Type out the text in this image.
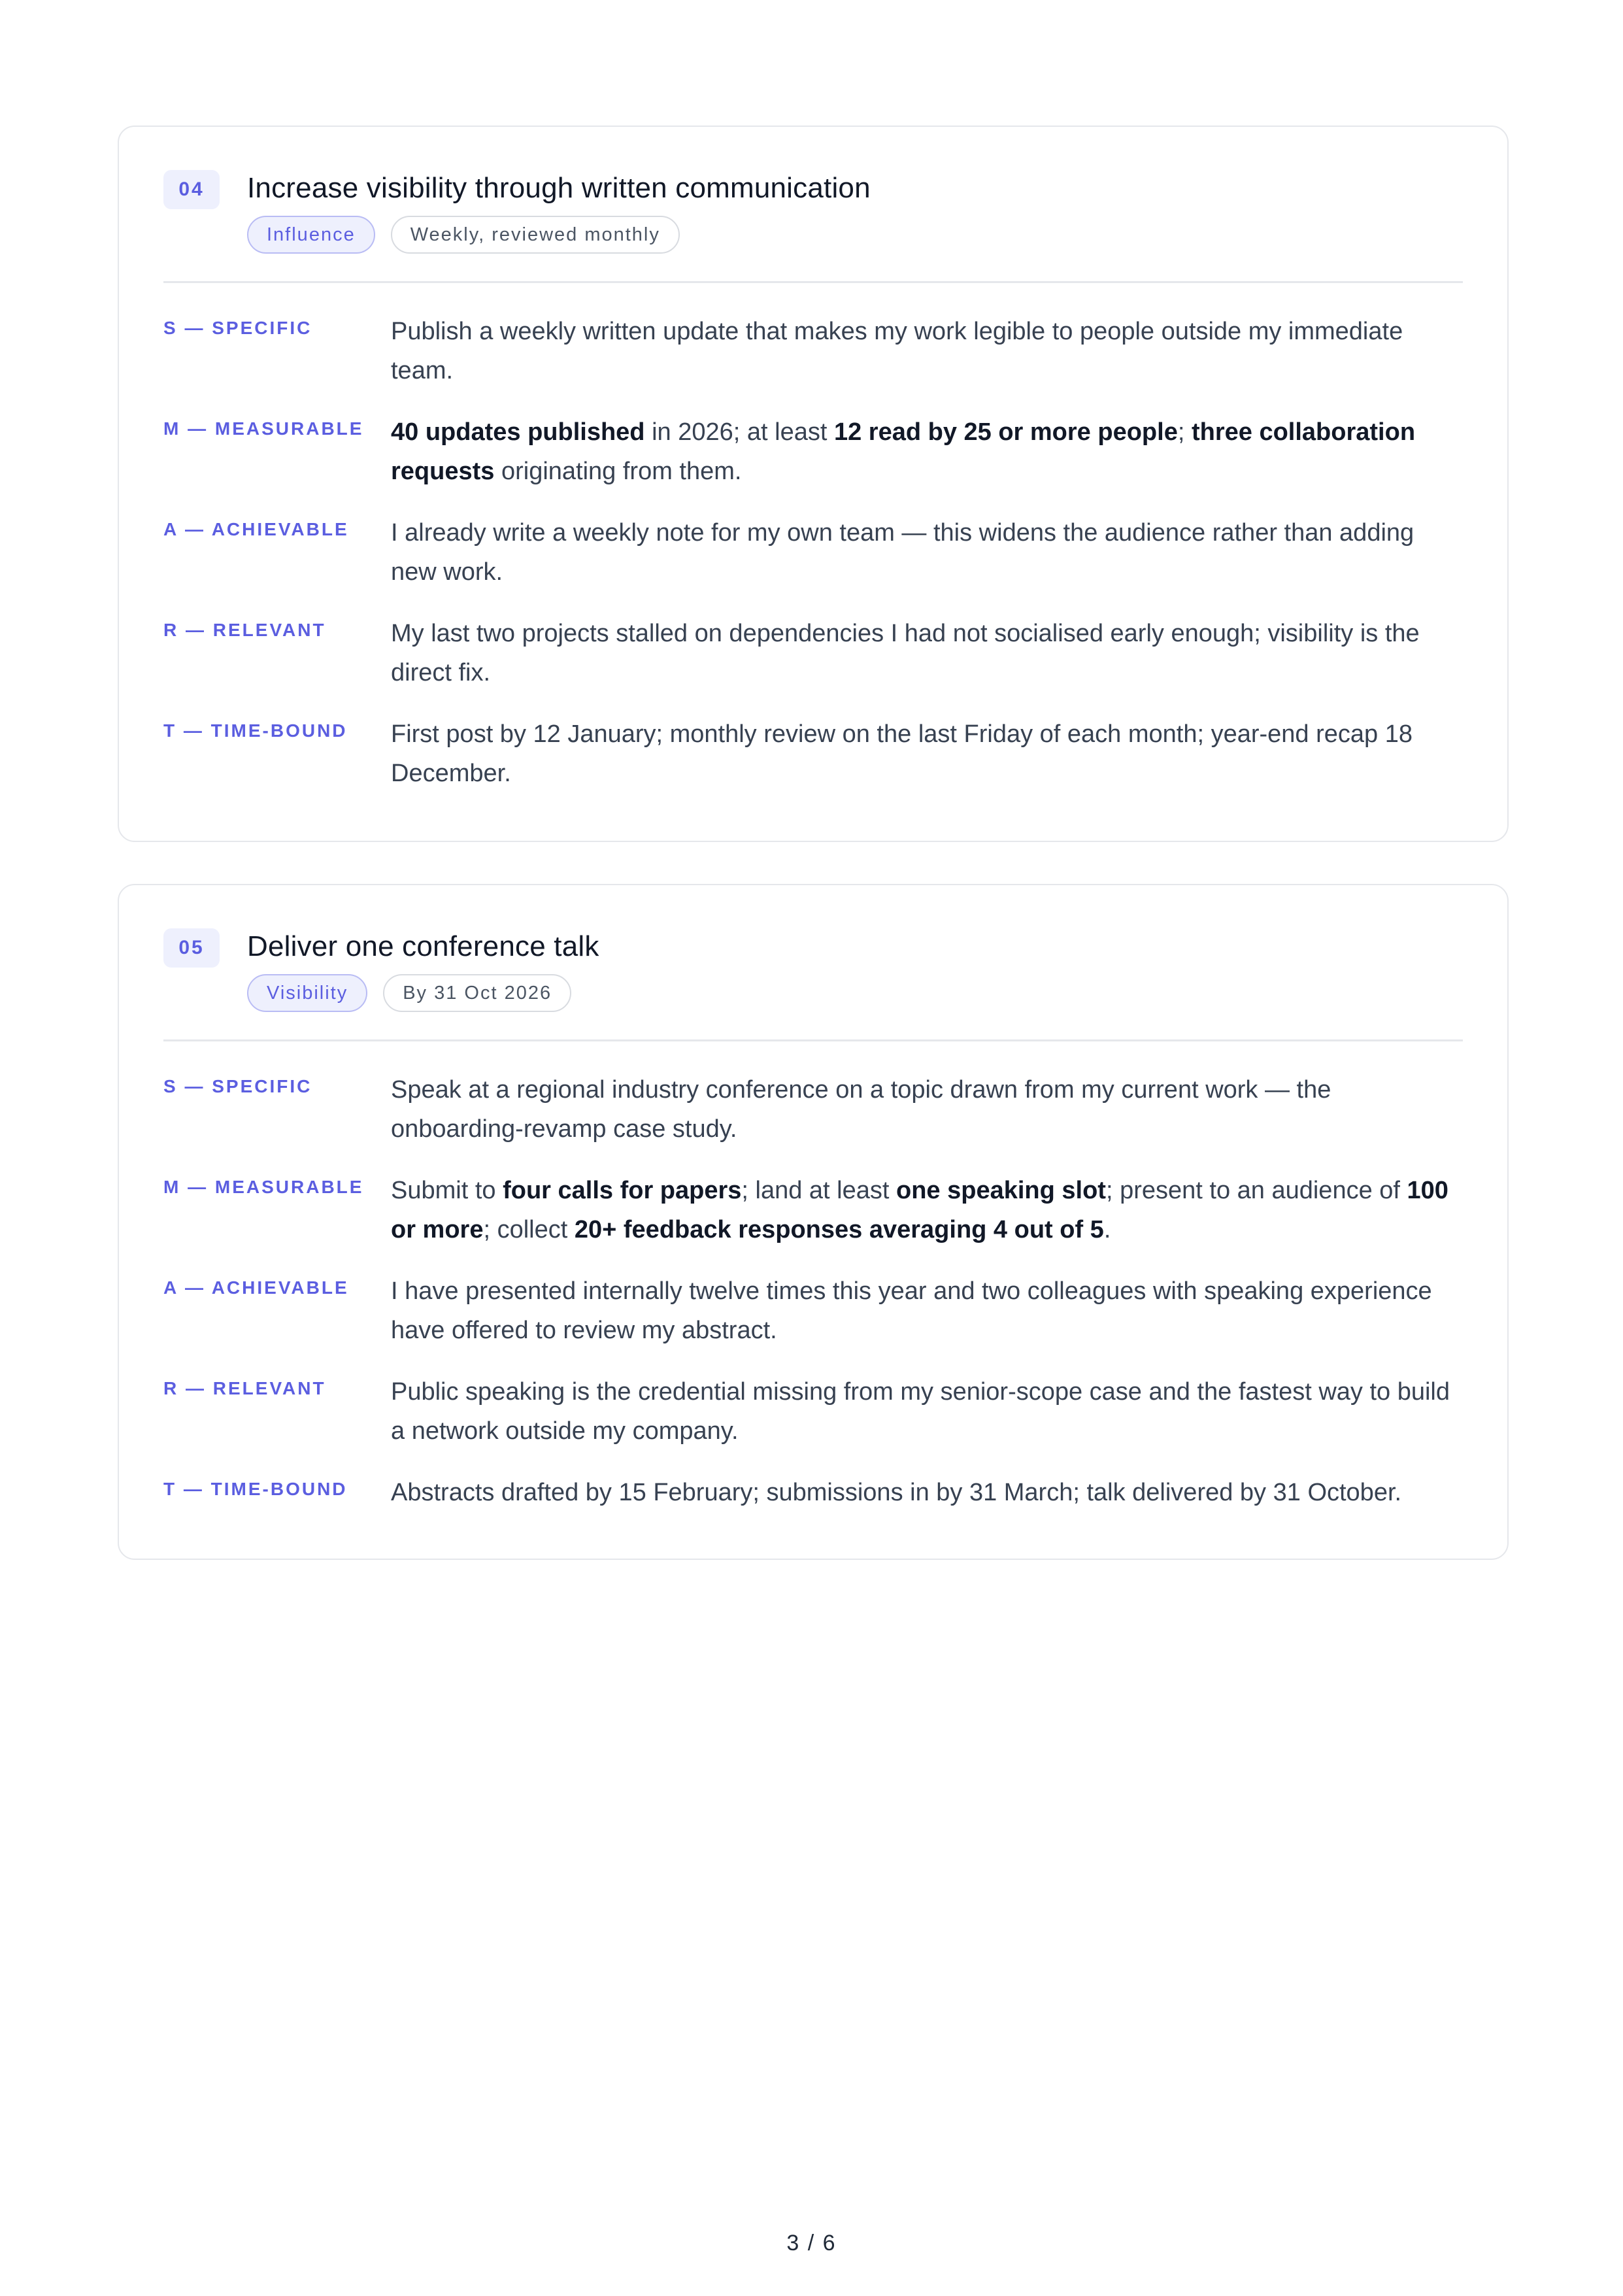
04	Increase visibility through written communication
Influence	Weekly, reviewed monthly
S — SPECIFIC	Publish a weekly written update that makes my work legible to people outside my immediate team.
M — MEASURABLE	40 updates published in 2026; at least 12 read by 25 or more people; three collaboration requests originating from them.
A — ACHIEVABLE	I already write a weekly note for my own team — this widens the audience rather than adding new work.
R — RELEVANT	My last two projects stalled on dependencies I had not socialised early enough; visibility is the direct fix.
T — TIME-BOUND	First post by 12 January; monthly review on the last Friday of each month; year-end recap 18 December.
05	Deliver one conference talk
Visibility	By 31 Oct 2026
S — SPECIFIC	Speak at a regional industry conference on a topic drawn from my current work — the onboarding-revamp case study.
M — MEASURABLE	Submit to four calls for papers; land at least one speaking slot; present to an audience of 100 or more; collect 20+ feedback responses averaging 4 out of 5.
A — ACHIEVABLE	I have presented internally twelve times this year and two colleagues with speaking experience have offered to review my abstract.
R — RELEVANT	Public speaking is the credential missing from my senior-scope case and the fastest way to build a network outside my company.
T — TIME-BOUND	Abstracts drafted by 15 February; submissions in by 31 March; talk delivered by 31 October.
3 / 6
